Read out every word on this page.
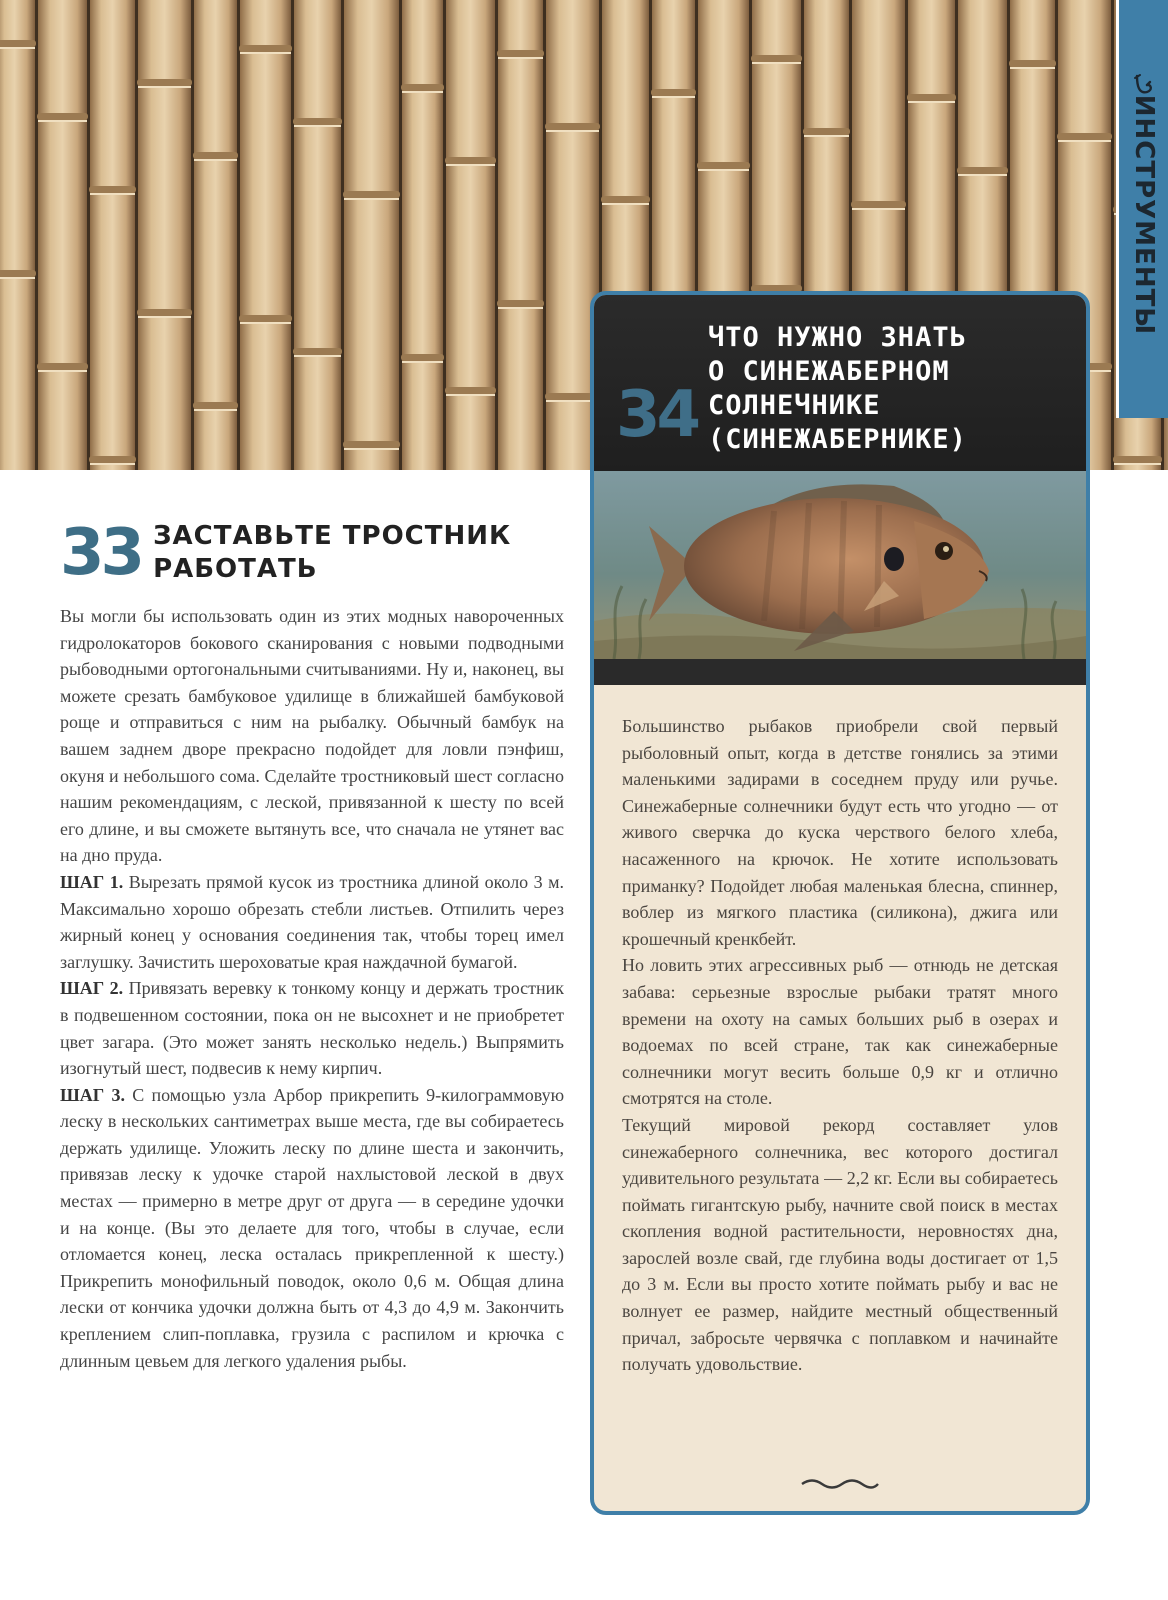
ИНСТРУМЕНТЫ
33 ЗАСТАВЬТЕ ТРОСТНИК
РАБОТАТЬ

Вы могли бы использовать один из этих модных навороченных гидролокаторов бокового сканирования с новыми подводными рыбоводными ортогональными считываниями. Ну и, наконец, вы можете срезать бамбуковое удилище в ближайшей бамбуковой роще и отправиться с ним на рыбалку. Обычный бамбук на вашем заднем дворе прекрасно подойдет для ловли пэнфиш, окуня и небольшого сома. Сделайте тростниковый шест согласно нашим рекомендациям, с леской, привязанной к шесту по всей его длине, и вы сможете вытянуть все, что сначала не утянет вас на дно пруда.

ШАГ 1. Вырезать прямой кусок из тростника длиной около 3 м. Максимально хорошо обрезать стебли листьев. Отпилить через жирный конец у основания соединения так, чтобы торец имел заглушку. Зачистить шероховатые края наждачной бумагой.

ШАГ 2. Привязать веревку к тонкому концу и держать тростник в подвешенном состоянии, пока он не высохнет и не приобретет цвет загара. (Это может занять несколько недель.) Выпрямить изогнутый шест, подвесив к нему кирпич.

ШАГ 3. С помощью узла Арбор прикрепить 9-килограммовую леску в нескольких сантиметрах выше места, где вы собираетесь держать удилище. Уложить леску по длине шеста и закончить, привязав леску к удочке старой нахлыстовой леской в двух местах — примерно в метре друг от друга — в середине удочки и на конце. (Вы это делаете для того, чтобы в случае, если отломается конец, леска осталась прикрепленной к шесту.) Прикрепить монофильный поводок, около 0,6 м. Общая длина лески от кончика удочки должна быть от 4,3 до 4,9 м. Закончить креплением слип-поплавка, грузила с распилом и крючка с длинным цевьем для легкого удаления рыбы.

34
ЧТО НУЖНО ЗНАТЬ
О СИНЕЖАБЕРНОМ
СОЛНЕЧНИКЕ
(СИНЕЖАБЕРНИКЕ)

Большинство рыбаков приобрели свой первый рыболовный опыт, когда в детстве гонялись за этими маленькими задирами в соседнем пруду или ручье. Синежаберные солнечники будут есть что угодно — от живого сверчка до куска черствого белого хлеба, насаженного на крючок. Не хотите использовать приманку? Подойдет любая маленькая блесна, спиннер, воблер из мягкого пластика (силикона), джига или крошечный кренкбейт.

Но ловить этих агрессивных рыб — отнюдь не детская забава: серьезные взрослые рыбаки тратят много времени на охоту на самых больших рыб в озерах и водоемах по всей стране, так как синежаберные солнечники могут весить больше 0,9 кг и отлично смотрятся на столе.

Текущий мировой рекорд составляет улов синежаберного солнечника, вес которого достигал удивительного результата — 2,2 кг. Если вы собираетесь поймать гигантскую рыбу, начните свой поиск в местах скопления водной растительности, неровностях дна, зарослей возле свай, где глубина воды достигает от 1,5 до 3 м. Если вы просто хотите поймать рыбу и вас не волнует ее размер, найдите местный общественный причал, забросьте червячка с поплавком и начинайте получать удовольствие.
